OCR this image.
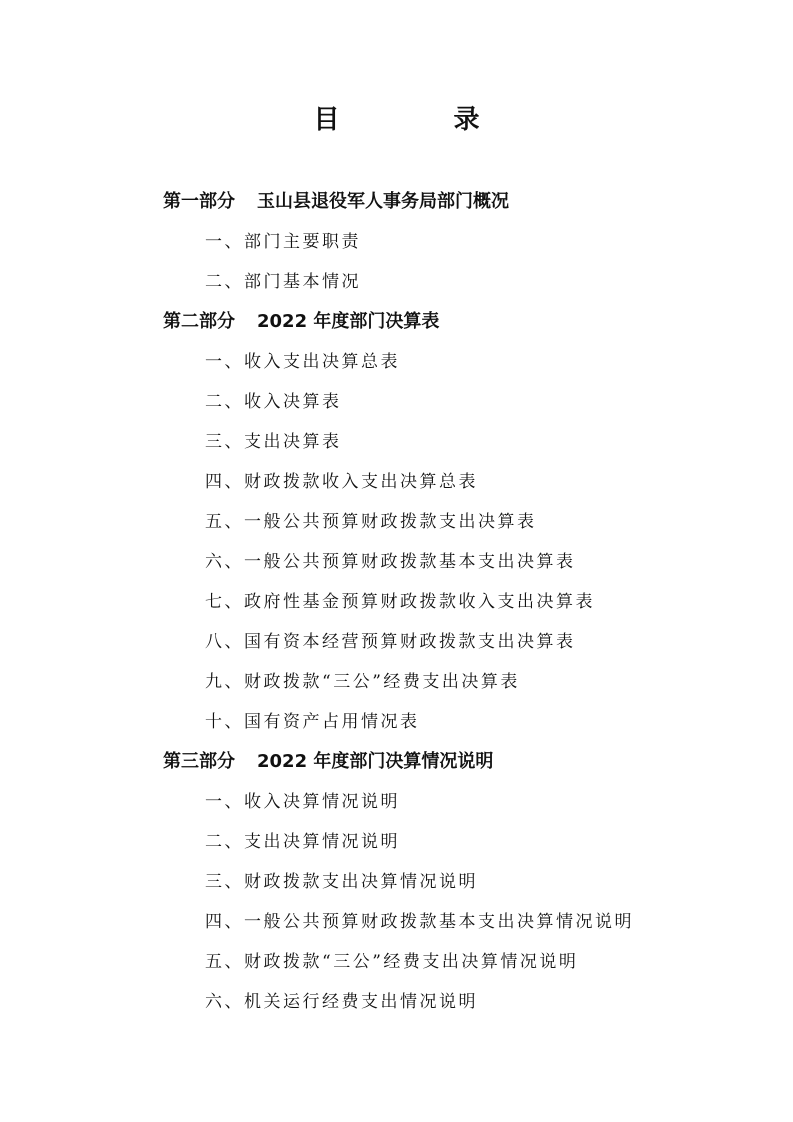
目　录
第一部分 玉山县退役军人事务局部门概况
一、部门主要职责
二、部门基本情况
第二部分 2022 年度部门决算表
一、收入支出决算总表
二、收入决算表
三、支出决算表
四、财政拨款收入支出决算总表
五、一般公共预算财政拨款支出决算表
六、一般公共预算财政拨款基本支出决算表
七、政府性基金预算财政拨款收入支出决算表
八、国有资本经营预算财政拨款支出决算表
九、财政拨款“三公”经费支出决算表
十、国有资产占用情况表
第三部分 2022 年度部门决算情况说明
一、收入决算情况说明
二、支出决算情况说明
三、财政拨款支出决算情况说明
四、一般公共预算财政拨款基本支出决算情况说明
五、财政拨款“三公”经费支出决算情况说明
六、机关运行经费支出情况说明
